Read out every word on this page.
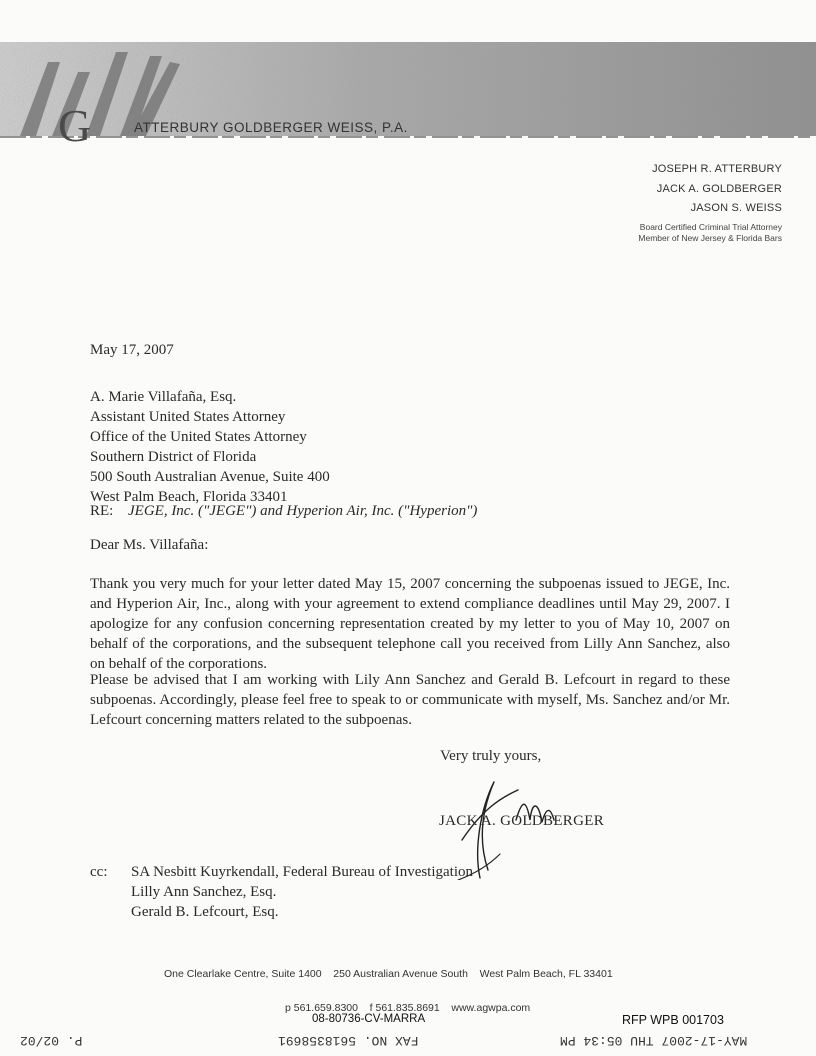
G	ATTERBURY GOLDBERGER WEISS, P.A.
JOSEPH R. ATTERBURY
JACK A. GOLDBERGER
JASON S. WEISS
Board Certified Criminal Trial Attorney
Member of New Jersey & Florida Bars
May 17, 2007
A. Marie Villafaña, Esq.
Assistant United States Attorney
Office of the United States Attorney
Southern District of Florida
500 South Australian Avenue, Suite 400
West Palm Beach, Florida 33401
RE: JEGE, Inc. ("JEGE") and Hyperion Air, Inc. ("Hyperion")
Dear Ms. Villafaña:
Thank you very much for your letter dated May 15, 2007 concerning the subpoenas issued to JEGE, Inc. and Hyperion Air, Inc., along with your agreement to extend compliance deadlines until May 29, 2007. I apologize for any confusion concerning representation created by my letter to you of May 10, 2007 on behalf of the corporations, and the subsequent telephone call you received from Lilly Ann Sanchez, also on behalf of the corporations.
Please be advised that I am working with Lily Ann Sanchez and Gerald B. Lefcourt in regard to these subpoenas. Accordingly, please feel free to speak to or communicate with myself, Ms. Sanchez and/or Mr. Lefcourt concerning matters related to the subpoenas.
Very truly yours,
JACK A. GOLDBERGER
cc: SA Nesbitt Kuyrkendall, Federal Bureau of Investigation
Lilly Ann Sanchez, Esq.
Gerald B. Lefcourt, Esq.
One Clearlake Centre, Suite 1400    250 Australian Avenue South    West Palm Beach, FL 33401
p 561.659.8300    f 561.835.8691    www.agwpa.com
08-80736-CV-MARRA	RFP WPB 001703
P. 02/02	FAX NO. 5618358691	MAY-17-2007 THU 05:34 PM
